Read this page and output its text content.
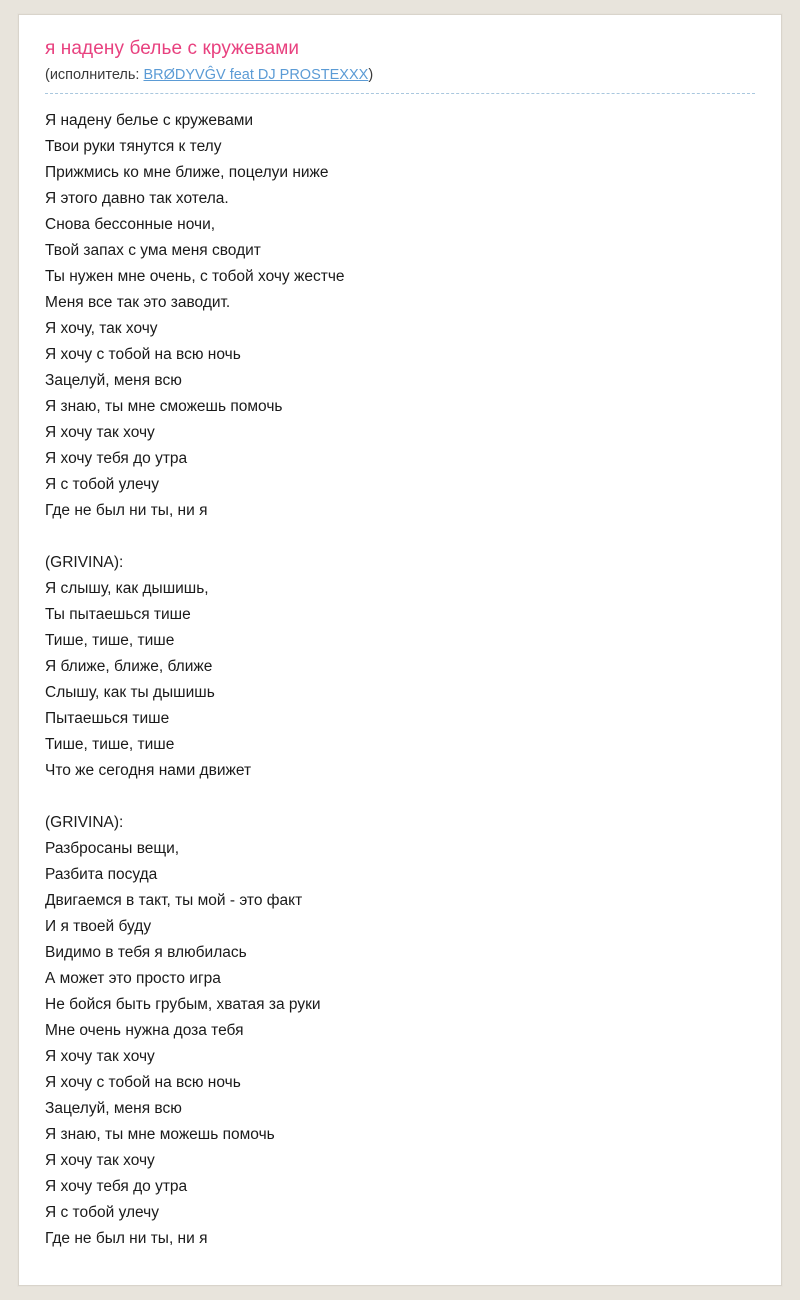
я надену белье с кружевами
(исполнитель: BRØDYVĜV feat DJ PROSTEXXX)
Я надену белье с кружевами
Твои руки тянутся к телу
Прижмись ко мне ближе, поцелуи ниже
Я этого давно так хотела.
Снова бессонные ночи,
Твой запах с ума меня сводит
Ты нужен мне очень, с тобой хочу жестче
Меня все так это заводит.
Я хочу, так хочу
Я хочу с тобой на всю ночь
Зацелуй, меня всю
Я знаю, ты мне сможешь помочь
Я хочу так хочу
Я хочу тебя до утра
Я с тобой улечу
Где не был ни ты, ни я
(GRIVINA):
Я слышу, как дышишь,
Ты пытаешься тише
Тише, тише, тише
Я ближе, ближе, ближе
Слышу, как ты дышишь
Пытаешься тише
Тише, тише, тише
Что же сегодня нами движет
(GRIVINA):
Разбросаны вещи,
Разбита посуда
Двигаемся в такт, ты мой - это факт
И я твоей буду
Видимо в тебя я влюбилась
А может это просто игра
Не бойся быть грубым, хватая за руки
Мне очень нужна доза тебя
Я хочу так хочу
Я хочу с тобой на всю ночь
Зацелуй, меня всю
Я знаю, ты мне можешь помочь
Я хочу так хочу
Я хочу тебя до утра
Я с тобой улечу
Где не был ни ты, ни я
